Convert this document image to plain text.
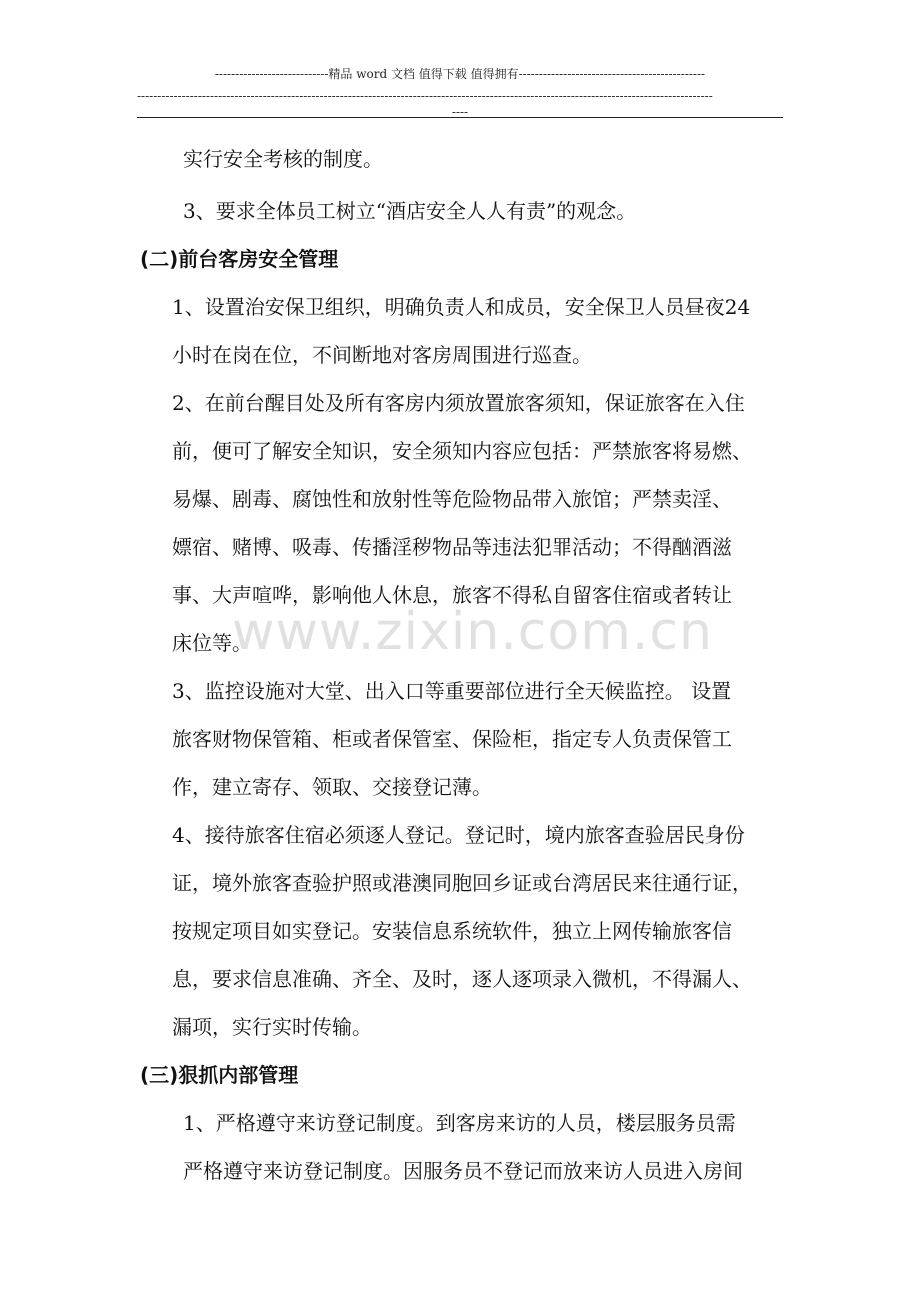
----------------------------精品 word 文档 值得下载 值得拥有----------------------------------------------
----------------------------------------------------------------------------------------------------------------------------------------------
----
www.zixin.com.cn
实行安全考核的制度。
3、要求全体员工树立“酒店安全人人有责”的观念。
(二)前台客房安全管理
1、设置治安保卫组织，明确负责人和成员，安全保卫人员昼夜24
小时在岗在位，不间断地对客房周围进行巡查。
2、在前台醒目处及所有客房内须放置旅客须知，保证旅客在入住
前，便可了解安全知识，安全须知内容应包括：严禁旅客将易燃、
易爆、剧毒、腐蚀性和放射性等危险物品带入旅馆；严禁卖淫、
嫖宿、赌博、吸毒、传播淫秽物品等违法犯罪活动；不得酗酒滋
事、大声喧哗，影响他人休息，旅客不得私自留客住宿或者转让
床位等。
3、监控设施对大堂、出入口等重要部位进行全天候监控。 设置
旅客财物保管箱、柜或者保管室、保险柜，指定专人负责保管工
作，建立寄存、领取、交接登记薄。
4、接待旅客住宿必须逐人登记。登记时，境内旅客查验居民身份
证，境外旅客查验护照或港澳同胞回乡证或台湾居民来往通行证，
按规定项目如实登记。安装信息系统软件，独立上网传输旅客信
息，要求信息准确、齐全、及时，逐人逐项录入微机，不得漏人、
漏项，实行实时传输。
(三)狠抓内部管理
1、严格遵守来访登记制度。到客房来访的人员，楼层服务员需
严格遵守来访登记制度。因服务员不登记而放来访人员进入房间
